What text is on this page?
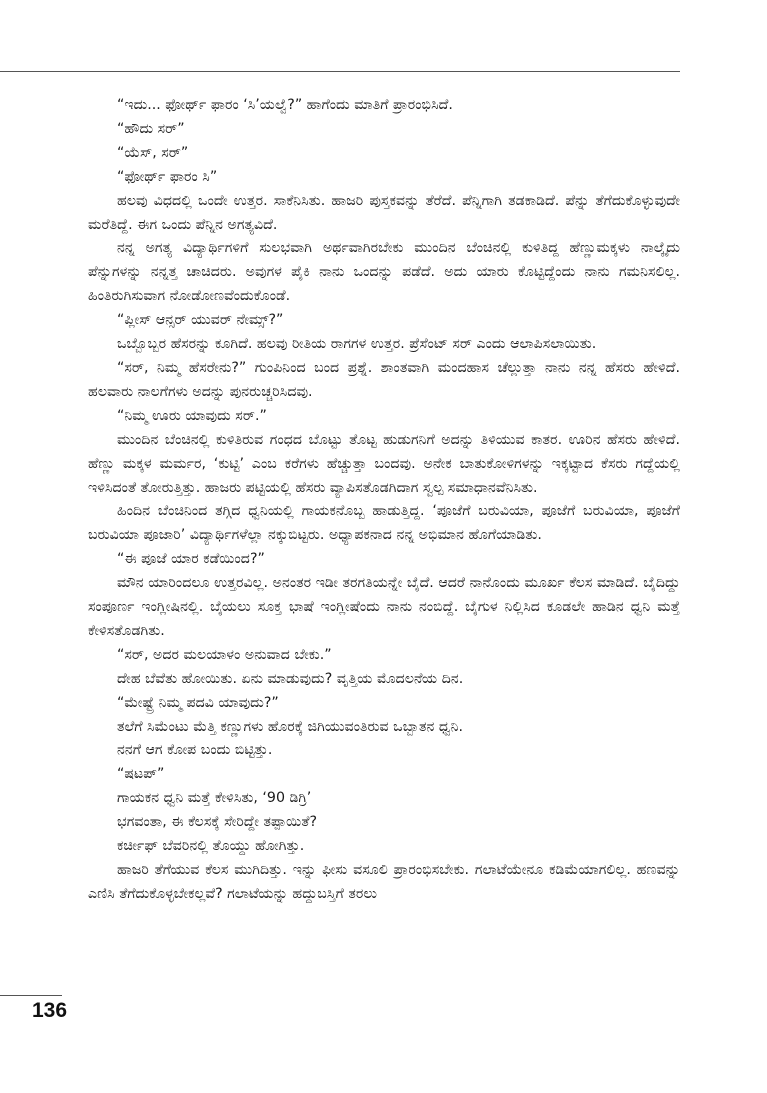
“ಇದು... ಫೋರ್ಥ್ ಫಾರಂ ‘ಸಿ’ಯಲ್ವೆ?” ಹಾಗೆಂದು ಮಾತಿಗೆ ಪ್ರಾರಂಭಿಸಿದೆ.

“ಹೌದು ಸರ್”

“ಯೆಸ್, ಸರ್”

“ಫೋರ್ಥ್ ಫಾರಂ ಸಿ”

ಹಲವು ವಿಧದಲ್ಲಿ ಒಂದೇ ಉತ್ತರ. ಸಾಕೆನಿಸಿತು. ಹಾಜರಿ ಪುಸ್ತಕವನ್ನು ತೆರೆದೆ. ಪೆನ್ನಿಗಾಗಿ ತಡಕಾಡಿದೆ. ಪೆನ್ನು ತೆಗೆದುಕೊಳ್ಳುವುದೇ ಮರೆತಿದ್ದೆ. ಈಗ ಒಂದು ಪೆನ್ನಿನ ಅಗತ್ಯವಿದೆ.

ನನ್ನ ಅಗತ್ಯ ವಿದ್ಯಾರ್ಥಿಗಳಿಗೆ ಸುಲಭವಾಗಿ ಅರ್ಥವಾಗಿರಬೇಕು ಮುಂದಿನ ಬೆಂಚಿನಲ್ಲಿ ಕುಳಿತಿದ್ದ ಹೆಣ್ಣುಮಕ್ಕಳು ನಾಲ್ಕೈದು ಪೆನ್ನುಗಳನ್ನು ನನ್ನತ್ತ ಚಾಚಿದರು. ಅವುಗಳ ಪೈಕಿ ನಾನು ಒಂದನ್ನು ಪಡೆದೆ. ಅದು ಯಾರು ಕೊಟ್ಟಿದ್ದೆಂದು ನಾನು ಗಮನಿಸಲಿಲ್ಲ. ಹಿಂತಿರುಗಿಸುವಾಗ ನೋಡೋಣವೆಂದುಕೊಂಡೆ.

“ಪ್ಲೀಸ್ ಆನ್ಸರ್ ಯುವರ್ ನೇಮ್ಸ್?”

ಒಬ್ಬೊಬ್ಬರ ಹೆಸರನ್ನು ಕೂಗಿದೆ. ಹಲವು ರೀತಿಯ ರಾಗಗಳ ಉತ್ತರ. ಪ್ರೆಸೆಂಟ್ ಸರ್ ಎಂದು ಆಲಾಪಿಸಲಾಯಿತು.

“ಸರ್, ನಿಮ್ಮ ಹೆಸರೇನು?” ಗುಂಪಿನಿಂದ ಬಂದ ಪ್ರಶ್ನೆ. ಶಾಂತವಾಗಿ ಮಂದಹಾಸ ಚೆಲ್ಲುತ್ತಾ ನಾನು ನನ್ನ ಹೆಸರು ಹೇಳಿದೆ. ಹಲವಾರು ನಾಲಗೆಗಳು ಅದನ್ನು ಪುನರುಚ್ಚರಿಸಿದವು.

“ನಿಮ್ಮ ಊರು ಯಾವುದು ಸರ್.”

ಮುಂದಿನ ಬೆಂಚಿನಲ್ಲಿ ಕುಳಿತಿರುವ ಗಂಧದ ಬೊಟ್ಟು ತೊಟ್ಟ ಹುಡುಗನಿಗೆ ಅದನ್ನು ತಿಳಿಯುವ ಕಾತರ. ಊರಿನ ಹೆಸರು ಹೇಳಿದೆ. ಹೆಣ್ಣು ಮಕ್ಕಳ ಮರ್ಮರ, ‘ಕುಟ್ಟಿ’ ಎಂಬ ಕರೆಗಳು ಹೆಚ್ಚುತ್ತಾ ಬಂದವು. ಅನೇಕ ಬಾತುಕೋಳಿಗಳನ್ನು ಇಕ್ಕಟ್ಟಾದ ಕೆಸರು ಗದ್ದೆಯಲ್ಲಿ ಇಳಿಸಿದಂತೆ ತೋರುತ್ತಿತ್ತು. ಹಾಜರು ಪಟ್ಟಿಯಲ್ಲಿ ಹೆಸರು ವ್ಯಾಪಿಸತೊಡಗಿದಾಗ ಸ್ವಲ್ಪ ಸಮಾಧಾನವೆನಿಸಿತು.

ಹಿಂದಿನ ಬೆಂಚಿನಿಂದ ತಗ್ಗಿದ ಧ್ವನಿಯಲ್ಲಿ ಗಾಯಕನೊಬ್ಬ ಹಾಡುತ್ತಿದ್ದ. ‘ಪೂಜೆಗೆ ಬರುವಿಯಾ, ಪೂಜೆಗೆ ಬರುವಿಯಾ, ಪೂಜೆಗೆ ಬರುವಿಯಾ ಪೂಜಾರಿ’ ವಿದ್ಯಾರ್ಥಿಗಳೆಲ್ಲಾ ನಕ್ಕುಬಿಟ್ಟರು. ಅಧ್ಯಾಪಕನಾದ ನನ್ನ ಅಭಿಮಾನ ಹೊಗೆಯಾಡಿತು.

“ಈ ಪೂಜೆ ಯಾರ ಕಡೆಯಿಂದ?”

ಮೌನ ಯಾರಿಂದಲೂ ಉತ್ತರವಿಲ್ಲ. ಅನಂತರ ಇಡೀ ತರಗತಿಯನ್ನೇ ಬೈದೆ. ಆದರೆ ನಾನೊಂದು ಮೂರ್ಖ ಕೆಲಸ ಮಾಡಿದೆ. ಬೈದಿದ್ದು ಸಂಪೂರ್ಣ ಇಂಗ್ಲೀಷಿನಲ್ಲಿ. ಬೈಯಲು ಸೂಕ್ತ ಭಾಷೆ ಇಂಗ್ಲೀಷೆಂದು ನಾನು ನಂಬಿದ್ದೆ. ಬೈಗುಳ ನಿಲ್ಲಿಸಿದ ಕೂಡಲೇ ಹಾಡಿನ ಧ್ವನಿ ಮತ್ತೆ ಕೇಳಿಸತೊಡಗಿತು.

“ಸರ್, ಅದರ ಮಲಯಾಳಂ ಅನುವಾದ ಬೇಕು.”

ದೇಹ ಬೆವೆತು ಹೋಯಿತು. ಏನು ಮಾಡುವುದು? ವೃತ್ತಿಯ ಮೊದಲನೆಯ ದಿನ.

“ಮೇಷ್ಟ್ರೆ ನಿಮ್ಮ ಪದವಿ ಯಾವುದು?”

ತಲೆಗೆ ಸಿಮೆಂಟು ಮೆತ್ತಿ ಕಣ್ಣುಗಳು ಹೊರಕ್ಕೆ ಜಿಗಿಯುವಂತಿರುವ ಒಬ್ಬಾತನ ಧ್ವನಿ.

ನನಗೆ ಆಗ ಕೋಪ ಬಂದು ಬಿಟ್ಟಿತ್ತು.

“ಷಟಪ್”

ಗಾಯಕನ ಧ್ವನಿ ಮತ್ತೆ ಕೇಳಿಸಿತು, ‘90 ಡಿಗ್ರಿ’

ಭಗವಂತಾ, ಈ ಕೆಲಸಕ್ಕೆ ಸೇರಿದ್ದೇ ತಪ್ಪಾಯಿತೆ?

ಕರ್ಚೀಫ್ ಬೆವರಿನಲ್ಲಿ ತೊಯ್ದು ಹೋಗಿತ್ತು.

ಹಾಜರಿ ತೆಗೆಯುವ ಕೆಲಸ ಮುಗಿದಿತ್ತು. ಇನ್ನು ಫೀಸು ವಸೂಲಿ ಪ್ರಾರಂಭಿಸಬೇಕು. ಗಲಾಟೆಯೇನೂ ಕಡಿಮೆಯಾಗಲಿಲ್ಲ. ಹಣವನ್ನು ಎಣಿಸಿ ತೆಗೆದುಕೊಳ್ಳಬೇಕಲ್ಲವೆ? ಗಲಾಟೆಯನ್ನು ಹದ್ದುಬಸ್ತಿಗೆ ತರಲು

136
